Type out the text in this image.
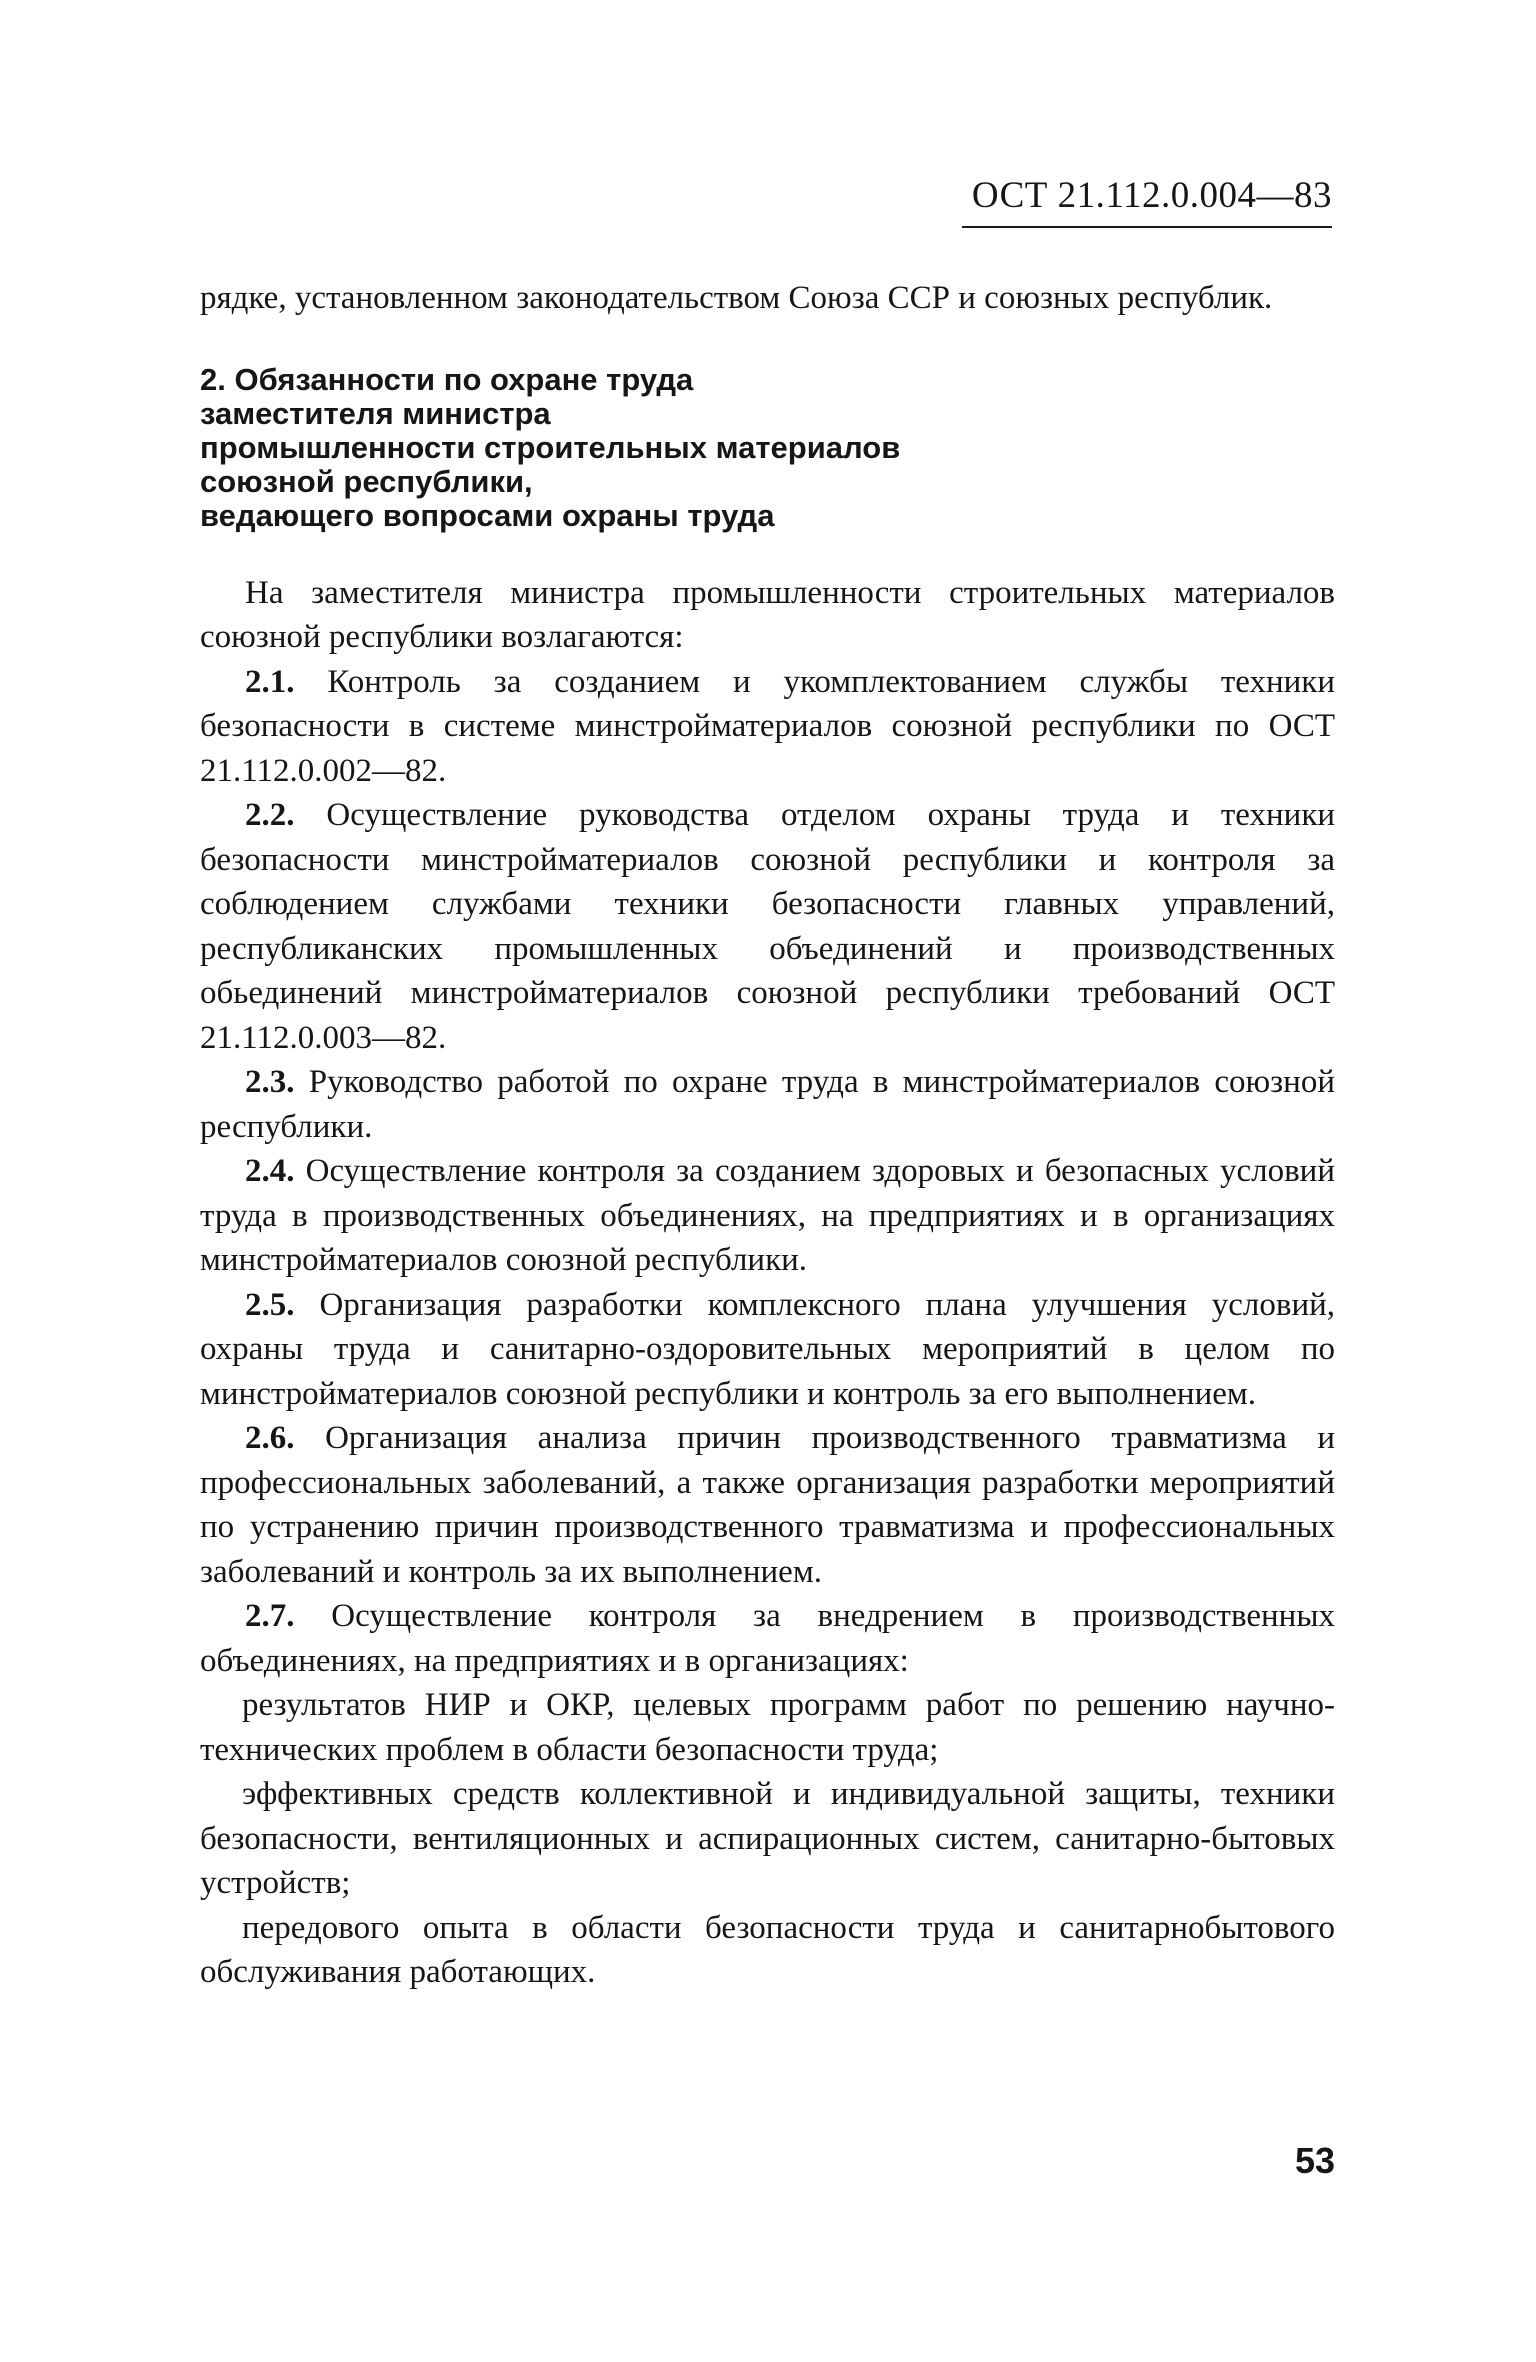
ОСТ 21.112.0.004—83

рядке, установленном законодательством Союза ССР и союзных республик.

2. Обязанности по охране труда
заместителя министра
промышленности строительных материалов
союзной республики,
ведающего вопросами охраны труда

На заместителя министра промышленности строительных материалов союзной республики возлагаются:

2.1. Контроль за созданием и укомплектованием службы техники безопасности в системе минстройматериалов союзной республики по ОСТ 21.112.0.002—82.

2.2. Осуществление руководства отделом охраны труда и техники безопасности минстройматериалов союзной республики и контроля за соблюдением службами техники безопасности главных управлений, республиканских промышленных объединений и производственных обьединений минстройматериалов союзной республики требований ОСТ 21.112.0.003—82.

2.3. Руководство работой по охране труда в минстройматериалов союзной республики.

2.4. Осуществление контроля за созданием здоровых и безопасных условий труда в производственных объединениях, на предприятиях и в организациях минстройматериалов союзной республики.

2.5. Организация разработки комплексного плана улучшения условий, охраны труда и санитарно-оздоровительных мероприятий в целом по минстройматериалов союзной республики и контроль за его выполнением.

2.6. Организация анализа причин производственного травматизма и профессиональных заболеваний, а также организация разработки мероприятий по устранению причин производственного травматизма и профессиональных заболеваний и контроль за их выполнением.

2.7. Осуществление контроля за внедрением в производственных объединениях, на предприятиях и в организациях:

результатов НИР и ОКР, целевых программ работ по решению научно-технических проблем в области безопасности труда;

эффективных средств коллективной и индивидуальной защиты, техники безопасности, вентиляционных и аспирационных систем, санитарно-бытовых устройств;

передового опыта в области безопасности труда и санитарнобытового обслуживания работающих.

53
